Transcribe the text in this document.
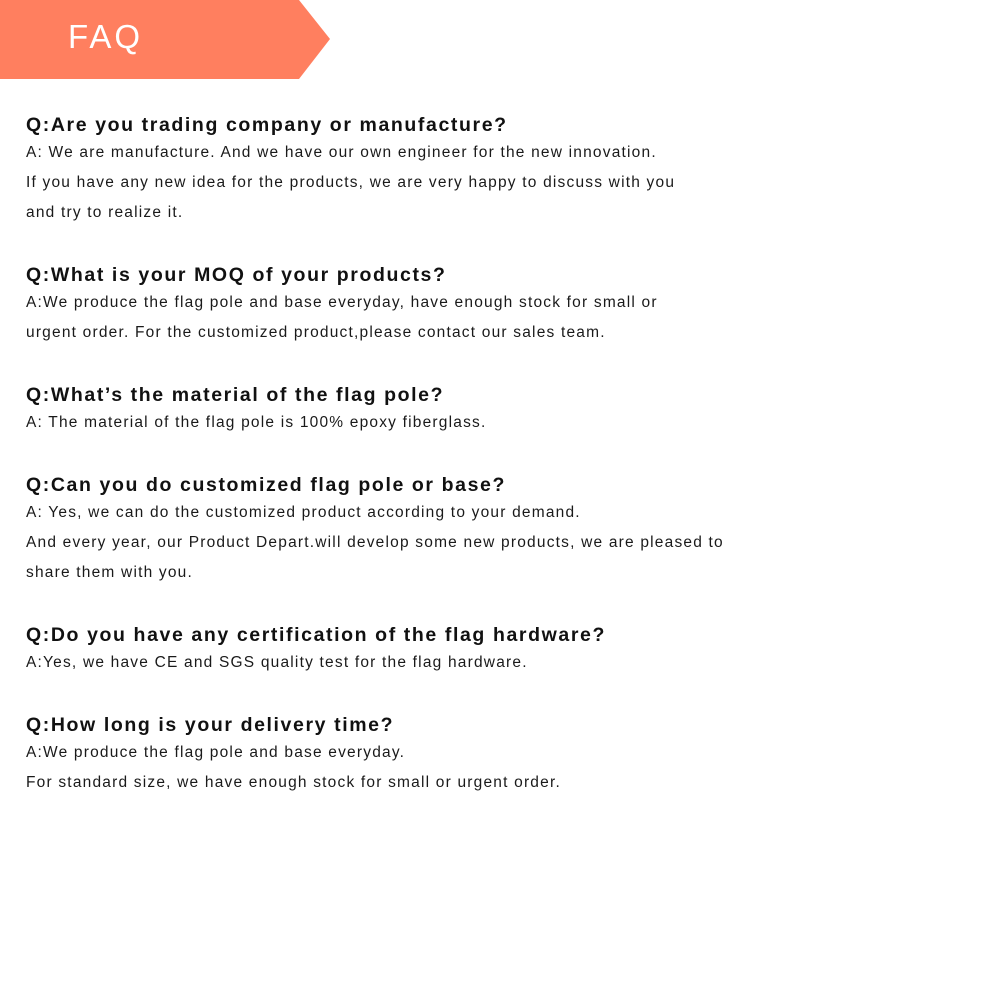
FAQ
Q:Are you trading company or manufacture?
A: We are manufacture. And we have our own engineer for the new innovation.
If you have any new idea for the products, we are very happy to discuss with you
and try to realize it.
Q:What is your MOQ of your products?
A:We produce the flag pole and base everyday, have enough stock for small or
urgent order. For the customized product,please contact our sales team.
Q:What’s the material of the flag pole?
A: The material of the flag pole is 100% epoxy fiberglass.
Q:Can you do customized flag pole or base?
A: Yes, we can do the customized product according to your demand.
And every year, our Product Depart.will develop some new products, we are pleased to
share them with you.
Q:Do you have any certification of the flag hardware?
A:Yes, we have CE and SGS quality test for the flag hardware.
Q:How long is your delivery time?
A:We produce the flag pole and base everyday.
For standard size, we have enough stock for small or urgent order.
